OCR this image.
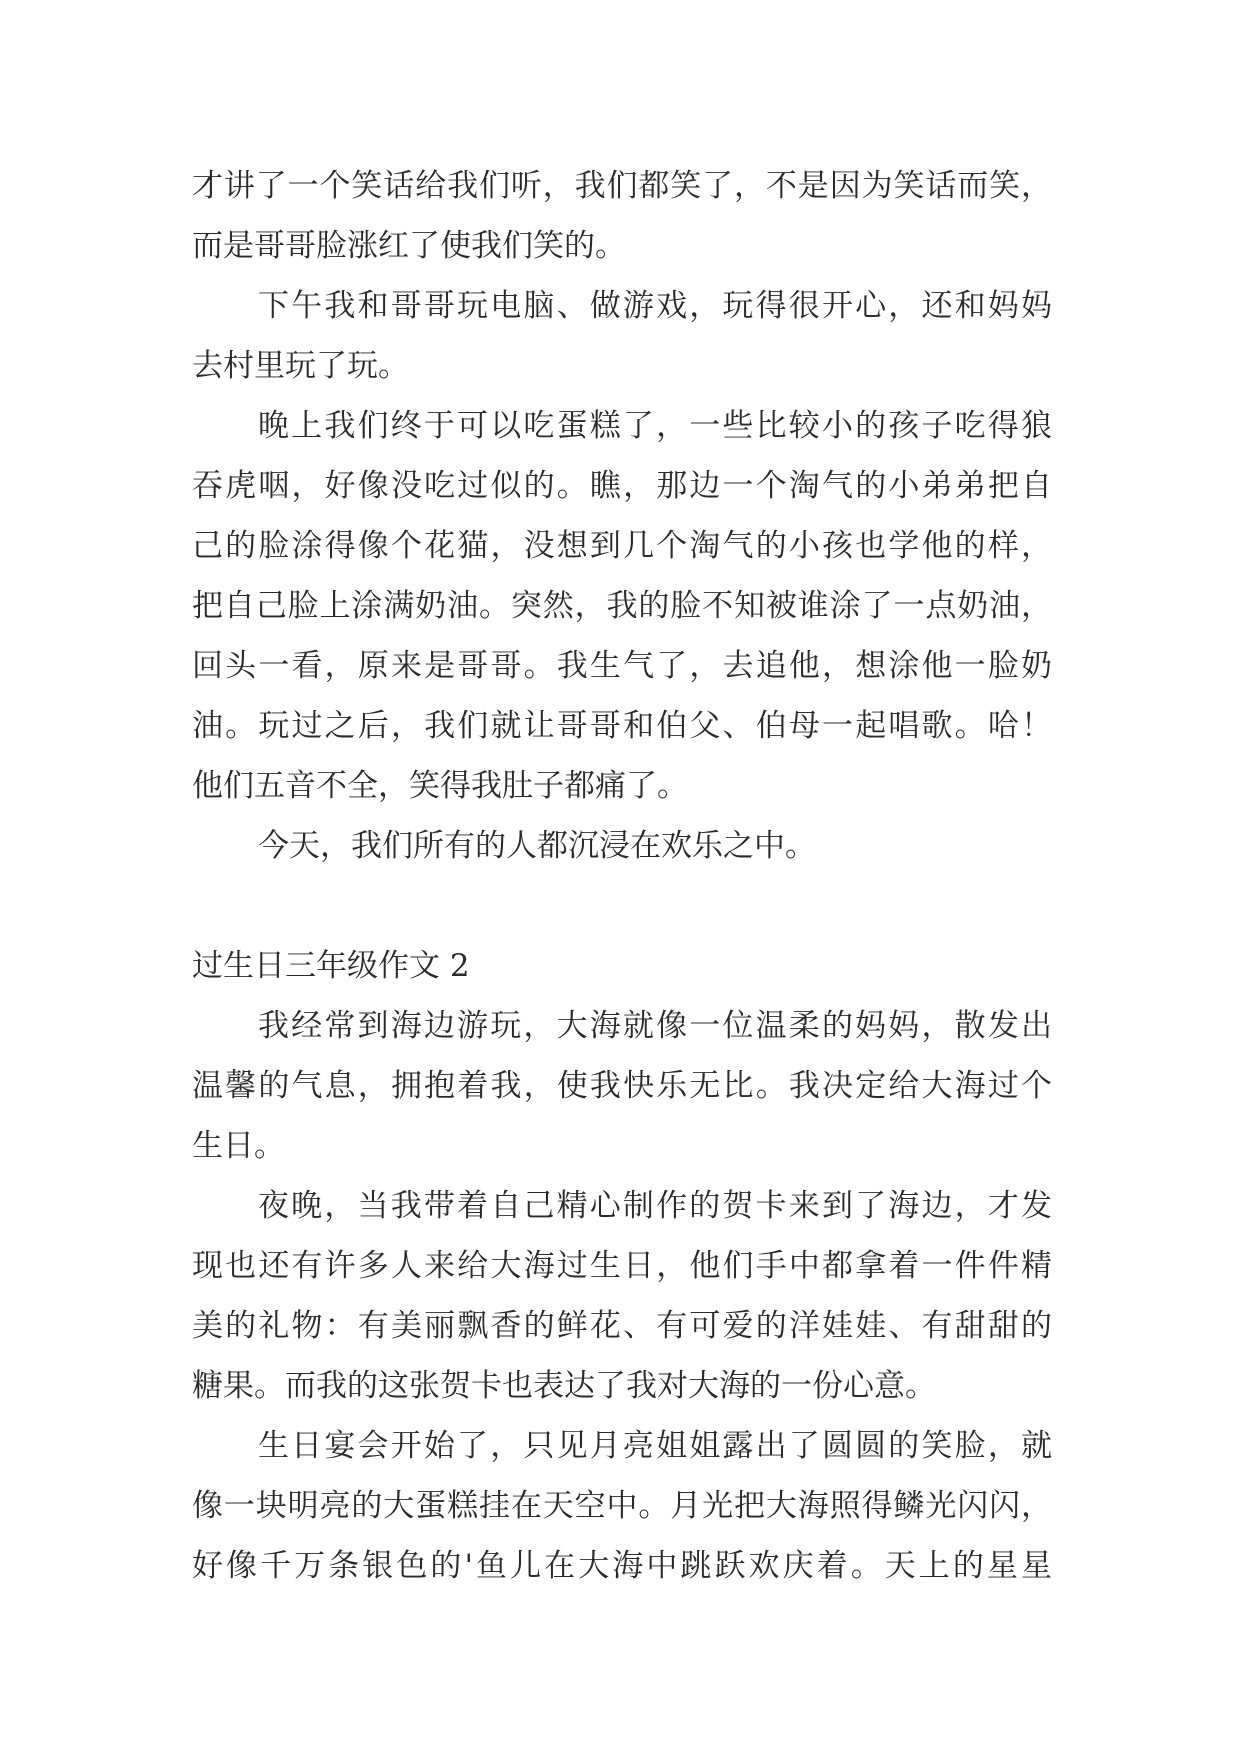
才讲了一个笑话给我们听，我们都笑了，不是因为笑话而笑，
而是哥哥脸涨红了使我们笑的。
下午我和哥哥玩电脑、做游戏，玩得很开心，还和妈妈
去村里玩了玩。
晚上我们终于可以吃蛋糕了，一些比较小的孩子吃得狼
吞虎咽，好像没吃过似的。瞧，那边一个淘气的小弟弟把自
己的脸涂得像个花猫，没想到几个淘气的小孩也学他的样，
把自己脸上涂满奶油。突然，我的脸不知被谁涂了一点奶油，
回头一看，原来是哥哥。我生气了，去追他，想涂他一脸奶
油。玩过之后，我们就让哥哥和伯父、伯母一起唱歌。哈！
他们五音不全，笑得我肚子都痛了。
今天，我们所有的人都沉浸在欢乐之中。
过生日三年级作文 2
我经常到海边游玩，大海就像一位温柔的妈妈，散发出
温馨的气息，拥抱着我，使我快乐无比。我决定给大海过个
生日。
夜晚，当我带着自己精心制作的贺卡来到了海边，才发
现也还有许多人来给大海过生日，他们手中都拿着一件件精
美的礼物：有美丽飘香的鲜花、有可爱的洋娃娃、有甜甜的
糖果。而我的这张贺卡也表达了我对大海的一份心意。
生日宴会开始了，只见月亮姐姐露出了圆圆的笑脸，就
像一块明亮的大蛋糕挂在天空中。月光把大海照得鳞光闪闪，
好像千万条银色的'鱼儿在大海中跳跃欢庆着。天上的星星
